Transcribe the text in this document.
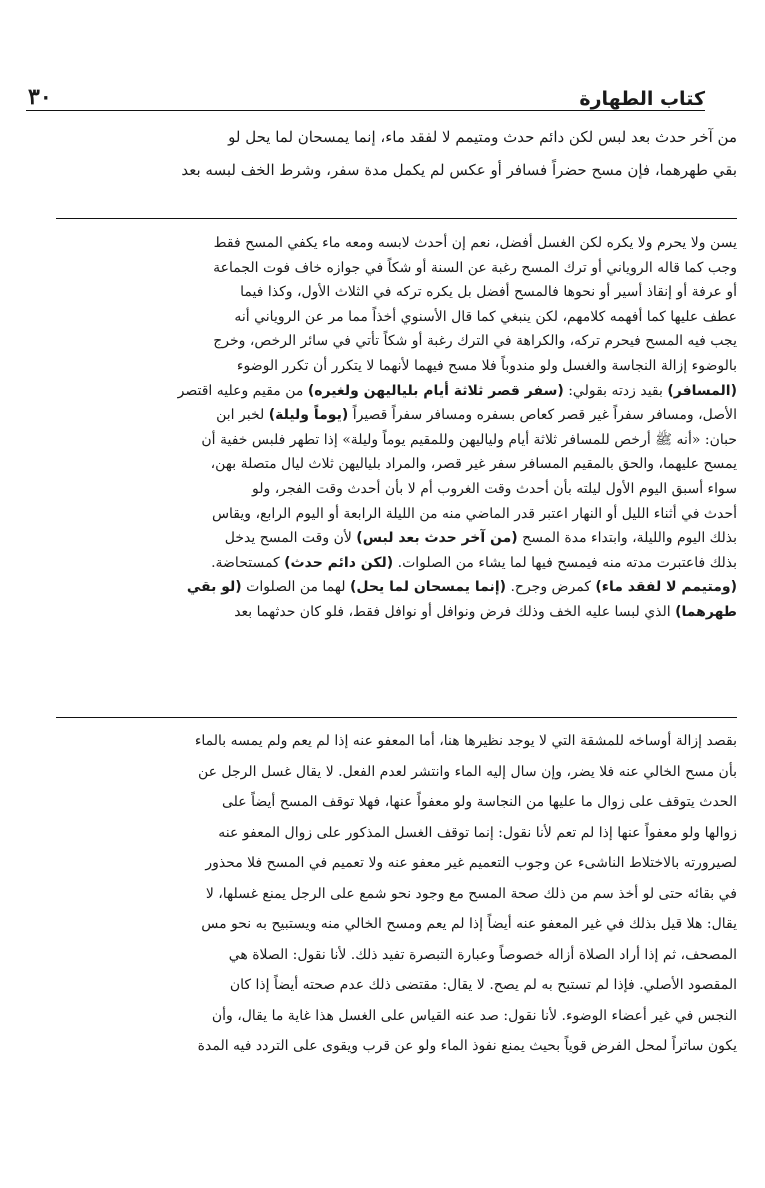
٣٠	كتاب الطهارة

من آخر حدث بعد لبس لكن دائم حدث ومتيمم لا لفقد ماء، إنما يمسحان لما يحل لو

بقي طهرهما، فإن مسح حضراً فسافر أو عكس لم يكمل مدة سفر، وشرط الخف لبسه بعد

يسن ولا يحرم ولا يكره لكن الغسل أفضل، نعم إن أحدث لابسه ومعه ماء يكفي المسح فقط

وجب كما قاله الروياني أو ترك المسح رغبة عن السنة أو شكاً في جوازه خاف فوت الجماعة

أو عرفة أو إنقاذ أسير أو نحوها فالمسح أفضل بل يكره تركه في الثلاث الأول، وكذا فيما

عطف عليها كما أفهمه كلامهم، لكن ينبغي كما قال الأسنوي أخذاً مما مر عن الروياني أنه

يجب فيه المسح فيحرم تركه، والكراهة في الترك رغبة أو شكاً تأتي في سائر الرخص، وخرج

بالوضوء إزالة النجاسة والغسل ولو مندوباً فلا مسح فيهما لأنهما لا يتكرر أن تكرر الوضوء

(المسافر) بقيد زدته بقولي: (سفر قصر ثلاثة أيام بلياليهن ولغيره) من مقيم وعليه اقتصر

الأصل، ومسافر سفراً غير قصر كعاص بسفره ومسافر سفراً قصيراً (يوماً وليلة) لخبر ابن

حبان: «أنه ﷺ أرخص للمسافر ثلاثة أيام ولياليهن وللمقيم يوماً وليلة» إذا تطهر فلبس خفية أن

يمسح عليهما، والحق بالمقيم المسافر سفر غير قصر، والمراد بلياليهن ثلاث ليال متصلة بهن،

سواء أسبق اليوم الأول ليلته بأن أحدث وقت الغروب أم لا بأن أحدث وقت الفجر، ولو

أحدث في أثناء الليل أو النهار اعتبر قدر الماضي منه من الليلة الرابعة أو اليوم الرابع، ويقاس

بذلك اليوم والليلة، وابتداء مدة المسح (من آخر حدث بعد لبس) لأن وقت المسح يدخل

بذلك فاعتبرت مدته منه فيمسح فيها لما يشاء من الصلوات. (لكن دائم حدث) كمستحاضة.

(ومتيمم لا لفقد ماء) كمرض وجرح. (إنما يمسحان لما يحل) لهما من الصلوات (لو بقي

طهرهما) الذي لبسا عليه الخف وذلك فرض ونوافل أو نوافل فقط، فلو كان حدثهما بعد

بقصد إزالة أوساخه للمشقة التي لا يوجد نظيرها هنا، أما المعفو عنه إذا لم يعم ولم يمسه بالماء

بأن مسح الخالي عنه فلا يضر، وإن سال إليه الماء وانتشر لعدم الفعل. لا يقال غسل الرجل عن

الحدث يتوقف على زوال ما عليها من النجاسة ولو معفواً عنها، فهلا توقف المسح أيضاً على

زوالها ولو معفواً عنها إذا لم تعم لأنا نقول: إنما توقف الغسل المذكور على زوال المعفو عنه

لصيرورته بالاختلاط الناشىء عن وجوب التعميم غير معفو عنه ولا تعميم في المسح فلا محذور

في بقائه حتى لو أخذ سم من ذلك صحة المسح مع وجود نحو شمع على الرجل يمنع غسلها، لا

يقال: هلا قيل بذلك في غير المعفو عنه أيضاً إذا لم يعم ومسح الخالي منه ويستبيح به نحو مس

المصحف، ثم إذا أراد الصلاة أزاله خصوصاً وعبارة التبصرة تفيد ذلك. لأنا نقول: الصلاة هي

المقصود الأصلي. فإذا لم تستبح به لم يصح. لا يقال: مقتضى ذلك عدم صحته أيضاً إذا كان

النجس في غير أعضاء الوضوء. لأنا نقول: صد عنه القياس على الغسل هذا غاية ما يقال، وأن

يكون ساتراً لمحل الفرض قوياً بحيث يمنع نفوذ الماء ولو عن قرب ويقوى على التردد فيه المدة
